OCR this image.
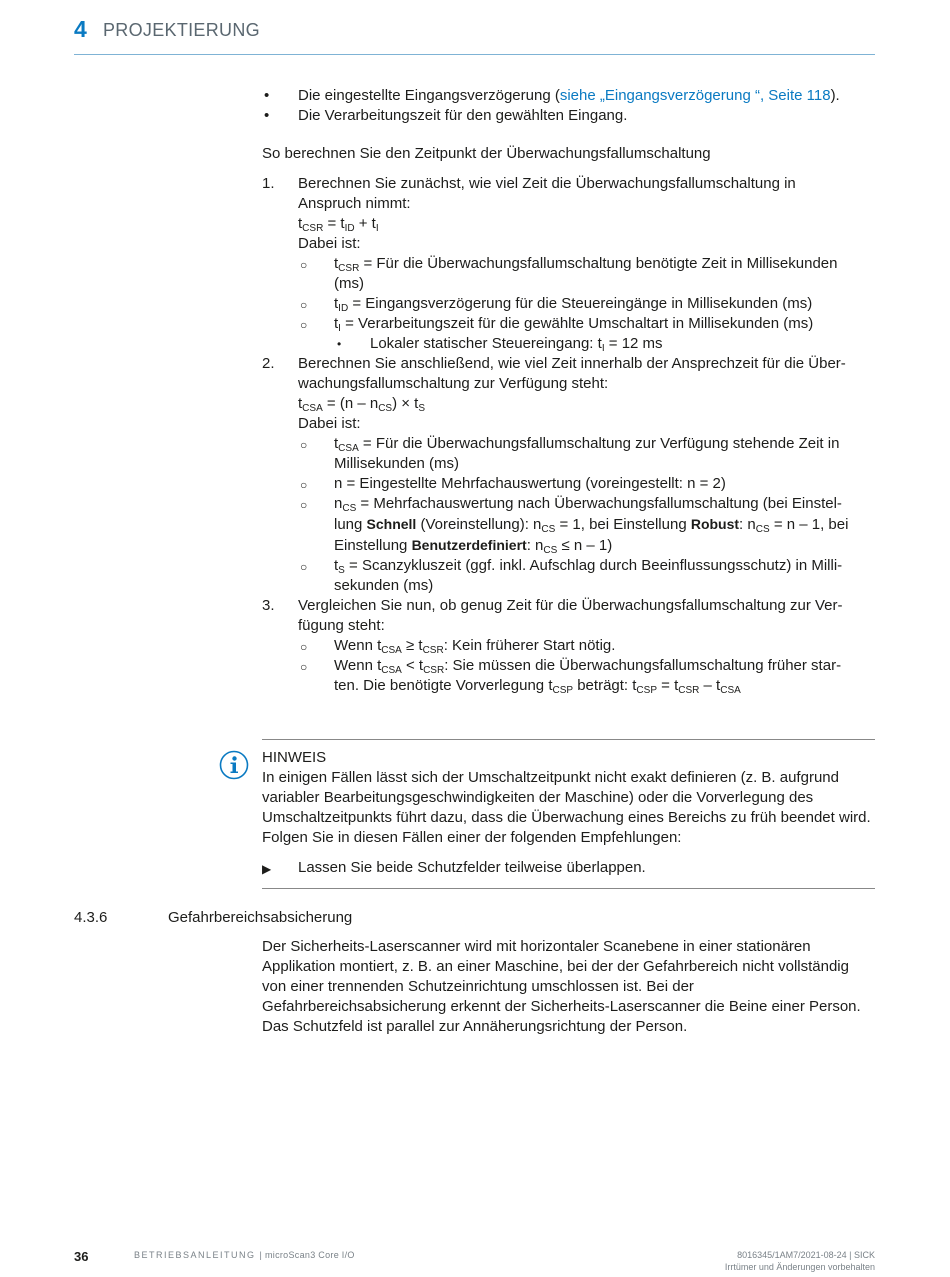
4 PROJEKTIERUNG
• Die eingestellte Eingangsverzögerung (siehe „Eingangsverzögerung “, Seite 118).
• Die Verarbeitungszeit für den gewählten Eingang.
So berechnen Sie den Zeitpunkt der Überwachungsfallumschaltung
1. Berechnen Sie zunächst, wie viel Zeit die Überwachungsfallumschaltung in
Anspruch nimmt:
$t_{CSR} = t_{ID} + t_I$
Dabei ist:
○ $t_{CSR}$ = Für die Überwachungsfallumschaltung benötigte Zeit in Millisekunden
(ms)
○ $t_{ID}$ = Eingangsverzögerung für die Steuereingänge in Millisekunden (ms)
○ $t_I$ = Verarbeitungszeit für die gewählte Umschaltart in Millisekunden (ms)
• Lokaler statischer Steuereingang: $t_I = 12$ ms
2. Berechnen Sie anschließend, wie viel Zeit innerhalb der Ansprechzeit für die Über-
wachungsfallumschaltung zur Verfügung steht:
$t_{CSA} = (n - n_{CS}) \times t_S$
Dabei ist:
○ $t_{CSA}$ = Für die Überwachungsfallumschaltung zur Verfügung stehende Zeit in
Millisekunden (ms)
○ n = Eingestellte Mehrfachauswertung (voreingestellt: n = 2)
○ $n_{CS}$ = Mehrfachauswertung nach Überwachungsfallumschaltung (bei Einstel-
lung Schnell (Voreinstellung): $n_{CS} = 1$, bei Einstellung Robust: $n_{CS} = n - 1$, bei
Einstellung Benutzerdefiniert: $n_{CS} \le n - 1$)
○ $t_S$ = Scanzykluszeit (ggf. inkl. Aufschlag durch Beeinflussungsschutz) in Milli-
sekunden (ms)
3. Vergleichen Sie nun, ob genug Zeit für die Überwachungsfallumschaltung zur Ver-
fügung steht:
○ Wenn $t_{CSA} \ge t_{CSR}$: Kein früherer Start nötig.
○ Wenn $t_{CSA} < t_{CSR}$: Sie müssen die Überwachungsfallumschaltung früher star-
ten. Die benötigte Vorverlegung $t_{CSP}$ beträgt: $t_{CSP} = t_{CSR} - t_{CSA}$
HINWEIS
In einigen Fällen lässt sich der Umschaltzeitpunkt nicht exakt definieren (z. B. aufgrund variabler Bearbeitungsgeschwindigkeiten der Maschine) oder die Vorverlegung des Umschaltzeitpunkts führt dazu, dass die Überwachung eines Bereichs zu früh beendet wird. Folgen Sie in diesen Fällen einer der folgenden Empfehlungen:
▶ Lassen Sie beide Schutzfelder teilweise überlappen.
4.3.6	Gefahrbereichsabsicherung
Der Sicherheits-Laserscanner wird mit horizontaler Scanebene in einer stationären Applikation montiert, z. B. an einer Maschine, bei der der Gefahrbereich nicht vollständig von einer trennenden Schutzeinrichtung umschlossen ist. Bei der Gefahrbereichsabsicherung erkennt der Sicherheits-Laserscanner die Beine einer Person. Das Schutzfeld ist parallel zur Annäherungsrichtung der Person.
36	BETRIEBSANLEITUNG | microScan3 Core I/O	8016345/1AM7/2021-08-24 | SICK
Irrtümer und Änderungen vorbehalten
